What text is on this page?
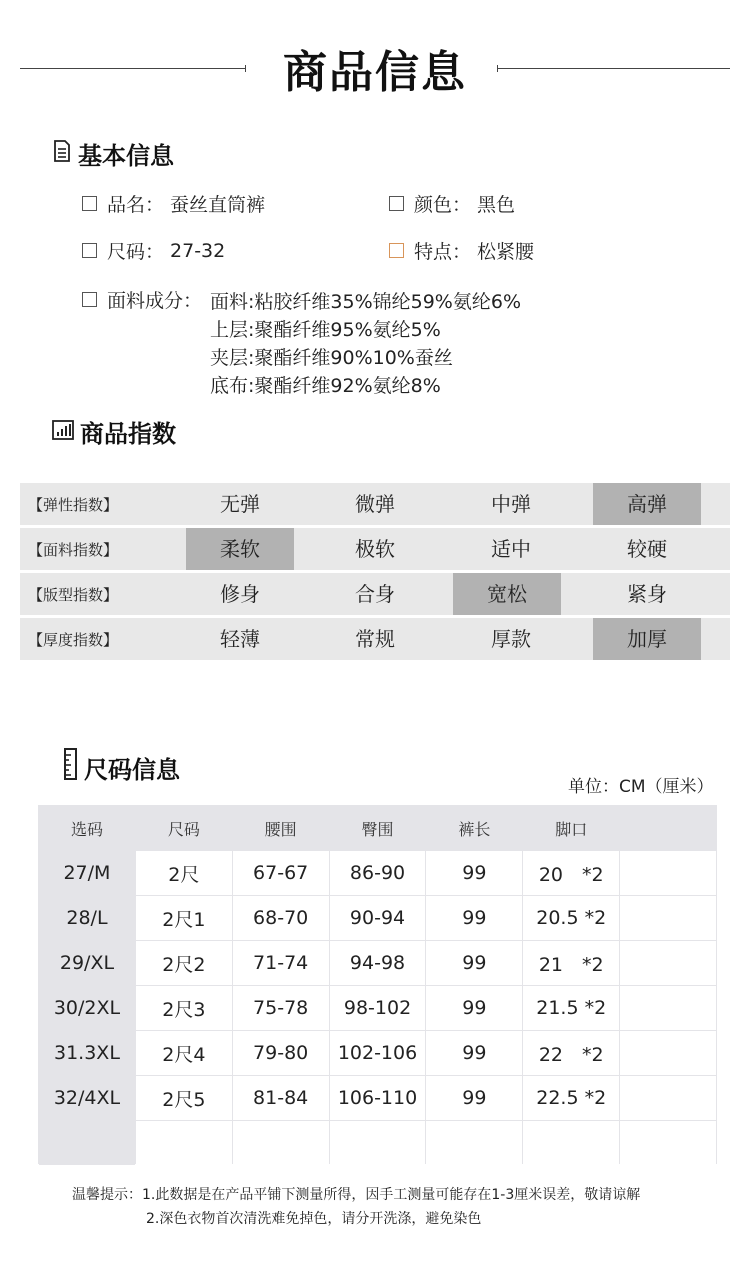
商品信息
基本信息
品名： 蚕丝直筒裤	颜色： 黑色
尺码： 27-32	特点： 松紧腰
面料成分： 面料:粘胶纤维35%锦纶59%氨纶6%
上层:聚酯纤维95%氨纶5%
夹层:聚酯纤维90%10%蚕丝
底布:聚酯纤维92%氨纶8%
商品指数
【弹性指数】	无弹	微弹	中弹	高弹
【面料指数】	柔软	极软	适中	较硬
【版型指数】	修身	合身	宽松	紧身
【厚度指数】	轻薄	常规	厚款	加厚
尺码信息
单位：CM（厘米）
选码	尺码	腰围	臀围	裤长	脚口	
27/M	2尺	67-67	86-90	99	20　*2	
28/L	2尺1	68-70	90-94	99	20.5 *2	
29/XL	2尺2	71-74	94-98	99	21　*2	
30/2XL	2尺3	75-78	98-102	99	21.5 *2	
31.3XL	2尺4	79-80	102-106	99	22　*2	
32/4XL	2尺5	81-84	106-110	99	22.5 *2	

温馨提示：1.此数据是在产品平铺下测量所得，因手工测量可能存在1-3厘米误差，敬请谅解
2.深色衣物首次清洗难免掉色，请分开洗涤，避免染色
